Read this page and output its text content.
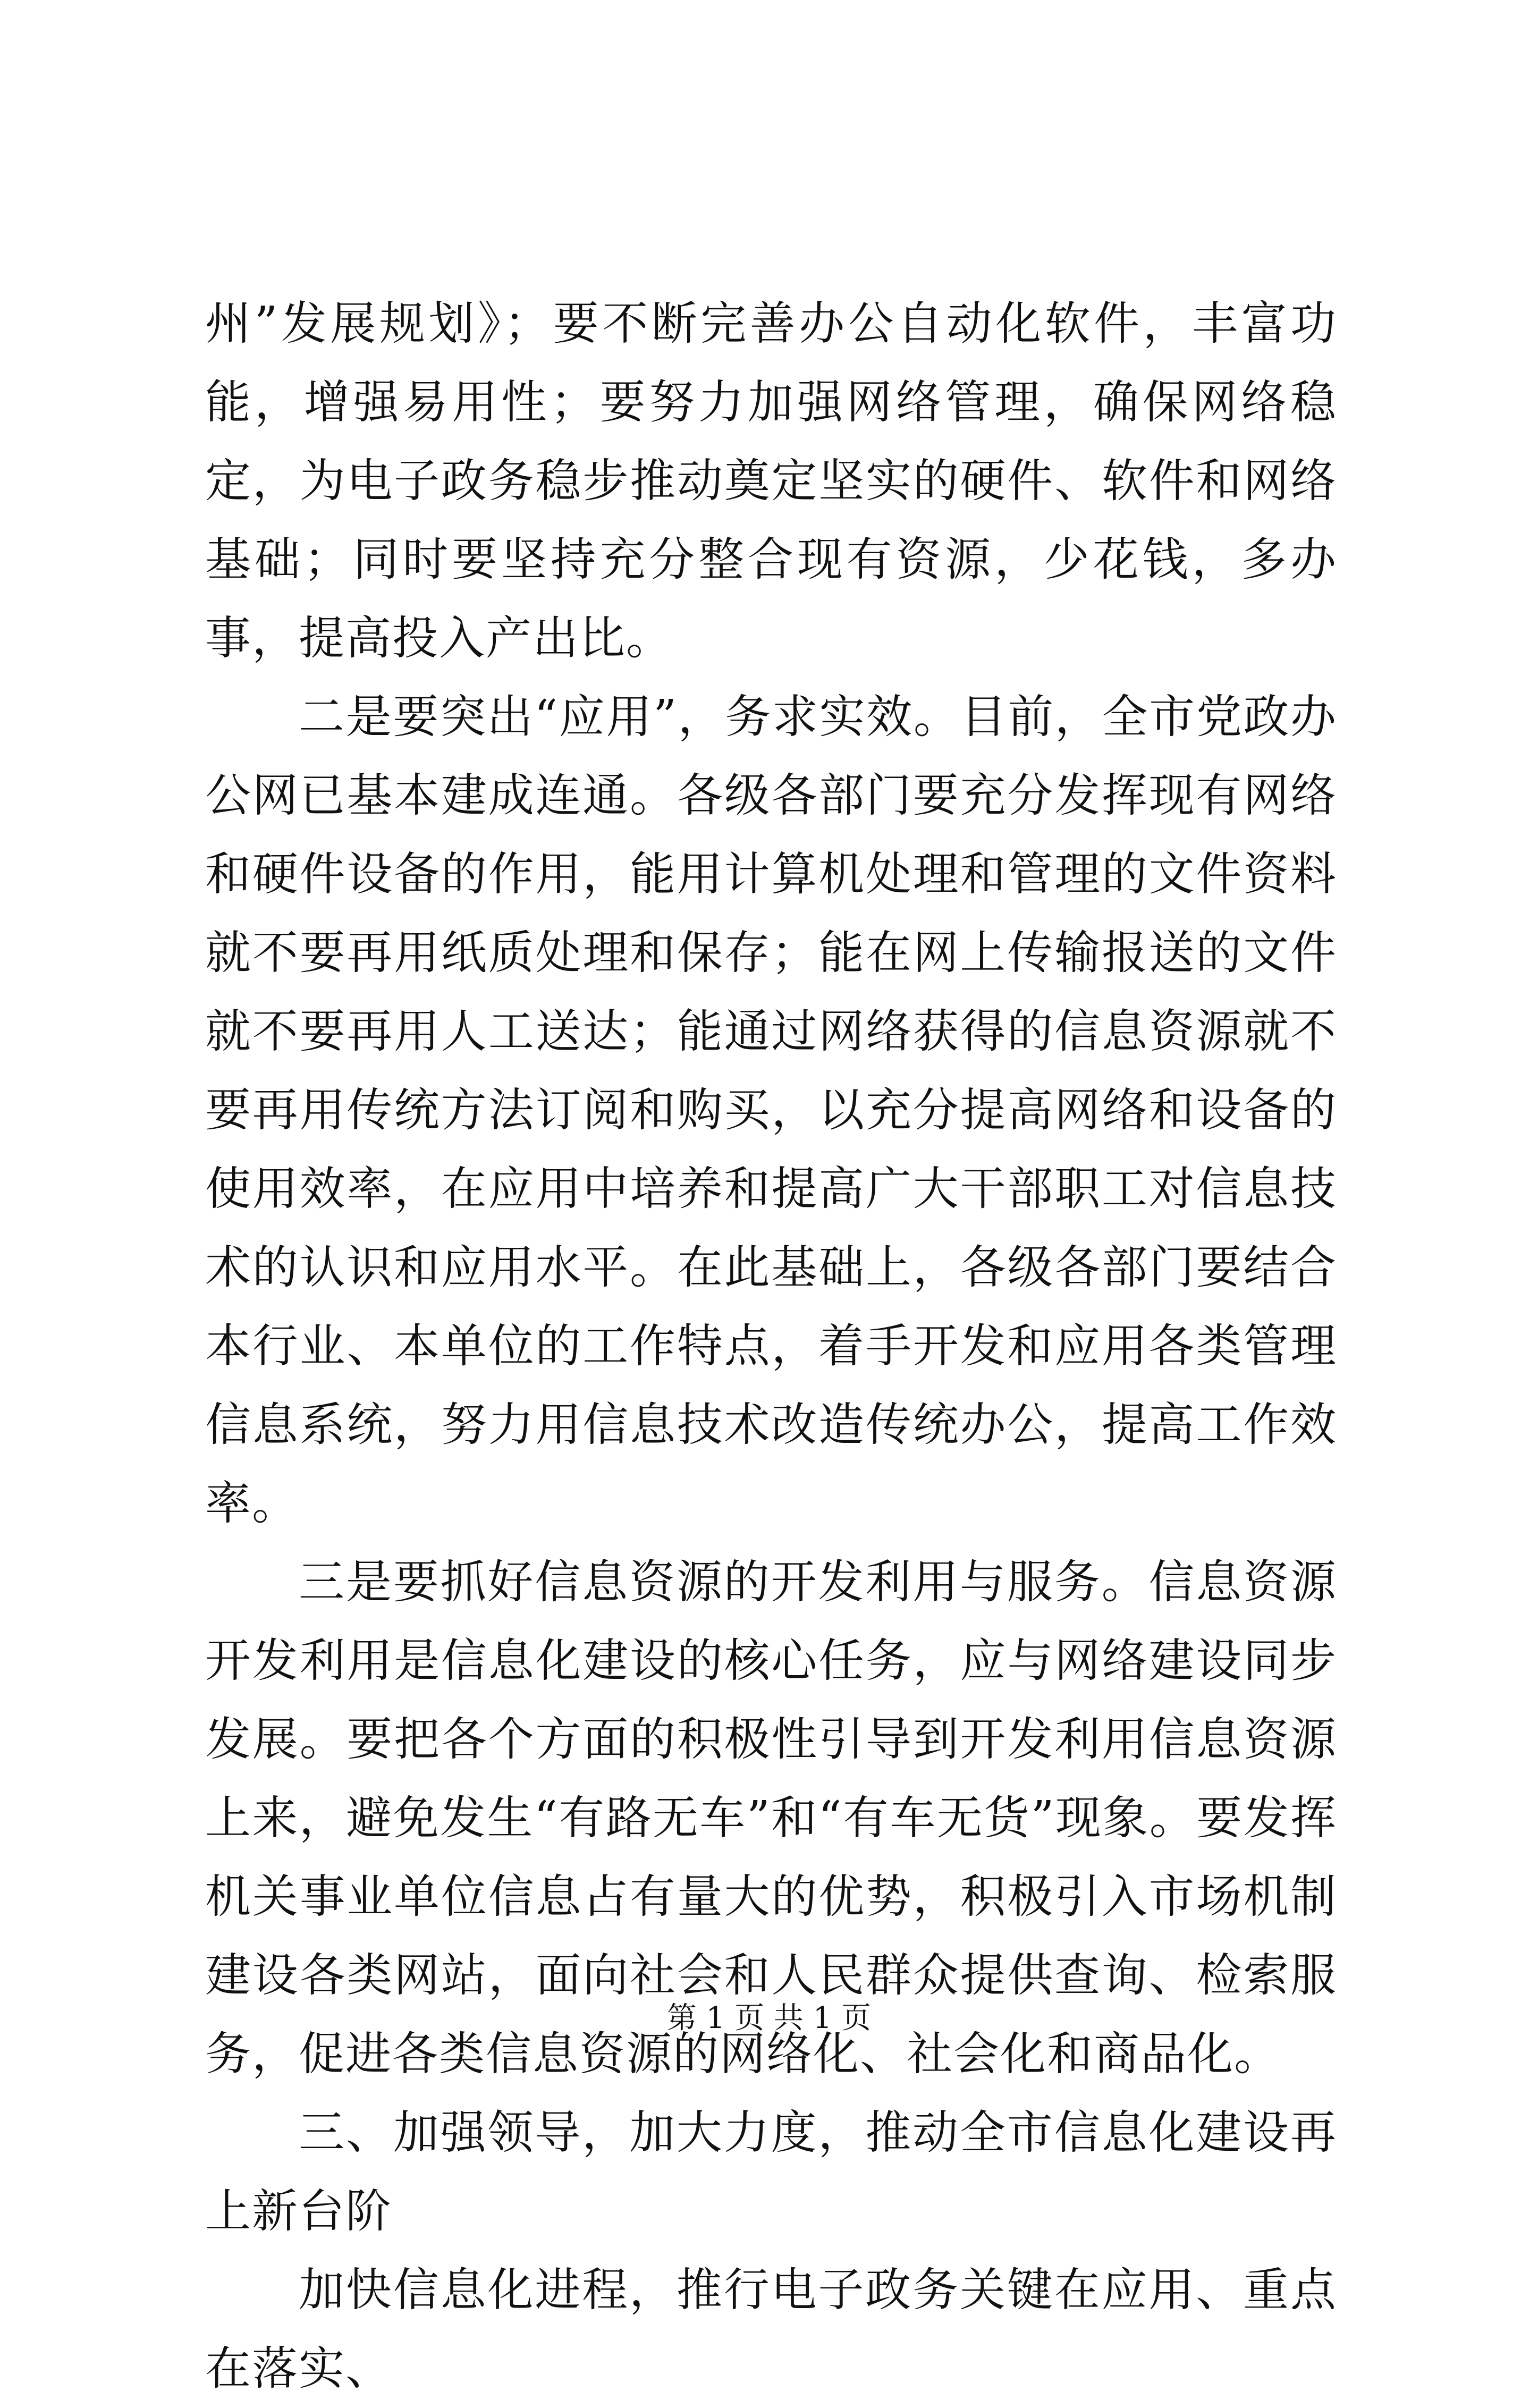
州”发展规划》；要不断完善办公自动化软件，丰富功能，增强易用性；要努力加强网络管理，确保网络稳定，为电子政务稳步推动奠定坚实的硬件、软件和网络基础；同时要坚持充分整合现有资源，少花钱，多办事，提高投入产出比。

二是要突出“应用”，务求实效。目前，全市党政办公网已基本建成连通。各级各部门要充分发挥现有网络和硬件设备的作用，能用计算机处理和管理的文件资料就不要再用纸质处理和保存；能在网上传输报送的文件就不要再用人工送达；能通过网络获得的信息资源就不要再用传统方法订阅和购买，以充分提高网络和设备的使用效率，在应用中培养和提高广大干部职工对信息技术的认识和应用水平。在此基础上，各级各部门要结合本行业、本单位的工作特点，着手开发和应用各类管理信息系统，努力用信息技术改造传统办公，提高工作效率。

三是要抓好信息资源的开发利用与服务。信息资源开发利用是信息化建设的核心任务，应与网络建设同步发展。要把各个方面的积极性引导到开发利用信息资源上来，避免发生“有路无车”和“有车无货”现象。要发挥机关事业单位信息占有量大的优势，积极引入市场机制建设各类网站，面向社会和人民群众提供查询、检索服务，促进各类信息资源的网络化、社会化和商品化。

三、加强领导，加大力度，推动全市信息化建设再上新台阶

加快信息化进程，推行电子政务关键在应用、重点在落实、

第 1 页 共 1 页
